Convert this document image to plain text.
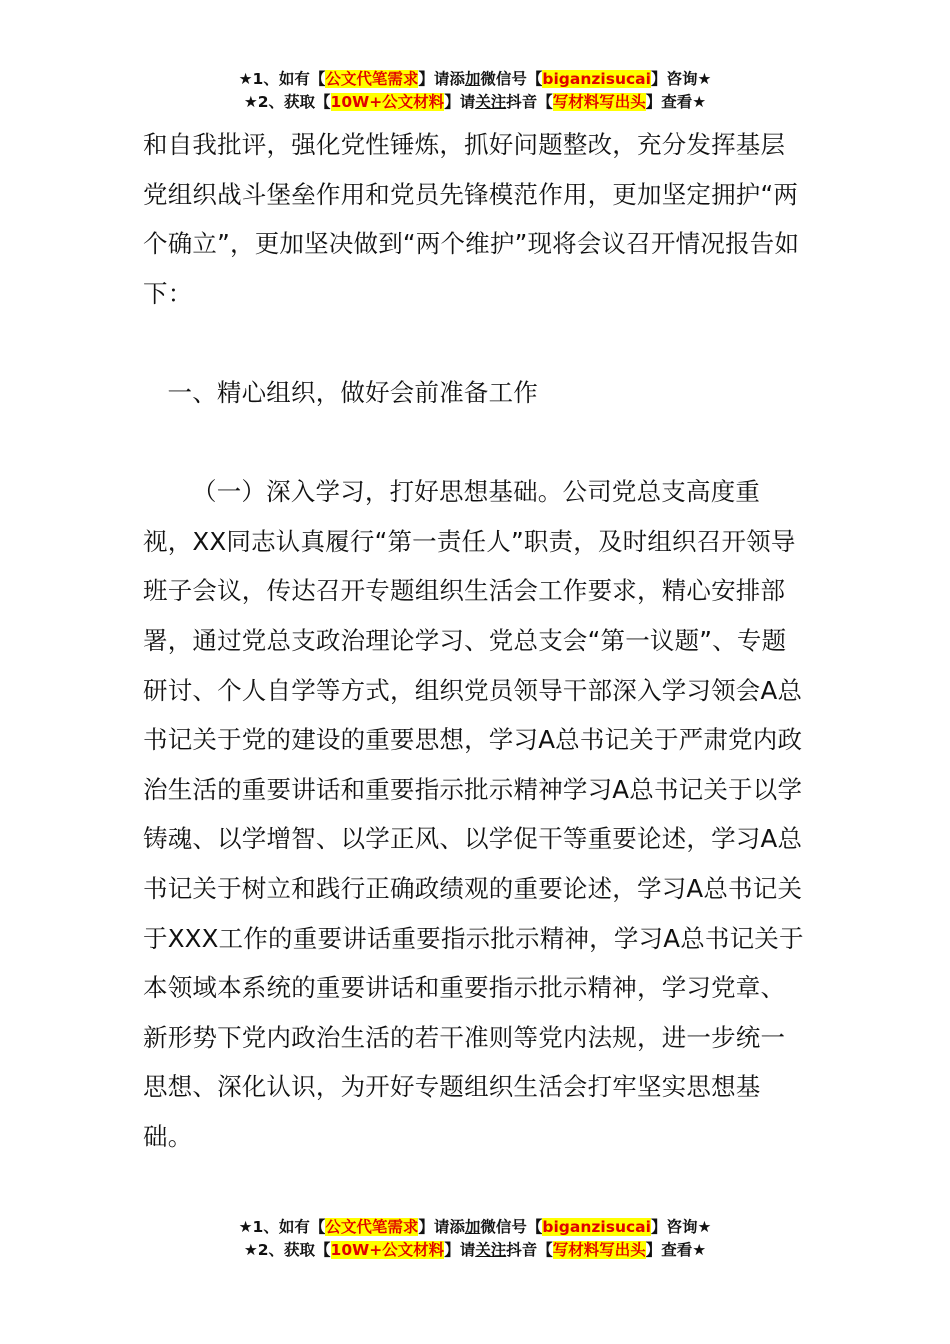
★1、如有【公文代笔需求】请添加微信号【biganzisucai】咨询★
★2、获取【10W+公文材料】请关注抖音【写材料写出头】查看★

和自我批评，强化党性锤炼，抓好问题整改，充分发挥基层党组织战斗堡垒作用和党员先锋模范作用，更加坚定拥护“两个确立”，更加坚决做到“两个维护”现将会议召开情况报告如下：

一、精心组织，做好会前准备工作

（一）深入学习，打好思想基础。公司党总支高度重视，XX同志认真履行“第一责任人”职责，及时组织召开领导班子会议，传达召开专题组织生活会工作要求，精心安排部署，通过党总支政治理论学习、党总支会“第一议题”、专题研讨、个人自学等方式，组织党员领导干部深入学习领会A总书记关于党的建设的重要思想，学习A总书记关于严肃党内政治生活的重要讲话和重要指示批示精神学习A总书记关于以学铸魂、以学增智、以学正风、以学促干等重要论述，学习A总书记关于树立和践行正确政绩观的重要论述，学习A总书记关于XXX工作的重要讲话重要指示批示精神，学习A总书记关于本领域本系统的重要讲话和重要指示批示精神，学习党章、新形势下党内政治生活的若干准则等党内法规，进一步统一思想、深化认识，为开好专题组织生活会打牢坚实思想基础。

★1、如有【公文代笔需求】请添加微信号【biganzisucai】咨询★
★2、获取【10W+公文材料】请关注抖音【写材料写出头】查看★
